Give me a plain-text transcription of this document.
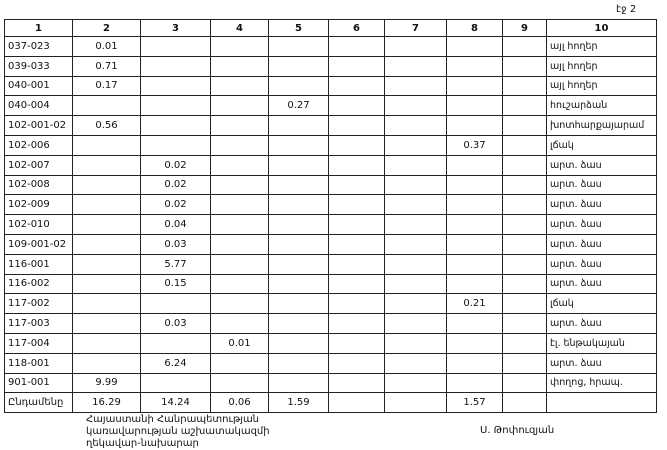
էջ 2
1	2	3	4	5	6	7	8	9	10
037-023	0.01								այլ հողեր
039-033	0.71								այլ հողեր
040-001	0.17								այլ հողեր
040-004				0.27					հուշարձան
102-001-02	0.56								խոտհարքայարամ
102-006							0.37		լճակ
102-007		0.02							արտ. ձաս
102-008		0.02							արտ. ձաս
102-009		0.02							արտ. ձաս
102-010		0.04							արտ. ձաս
109-001-02		0.03							արտ. ձաս
116-001		5.77							արտ. ձաս
116-002		0.15							արտ. ձաս
117-002							0.21		լճակ
117-003		0.03							արտ. ձաս
117-004			0.01						էլ. ենթակայան
118-001		6.24							արտ. ձաս
901-001	9.99								փողոց, հրապ.
Ընդամենը	16.29	14.24	0.06	1.59			1.57		
Հայաստանի Հանրապետության
կառավարության աշխատակազմի
ղեկավար-նախարար
Ս. Թոփուզյան
